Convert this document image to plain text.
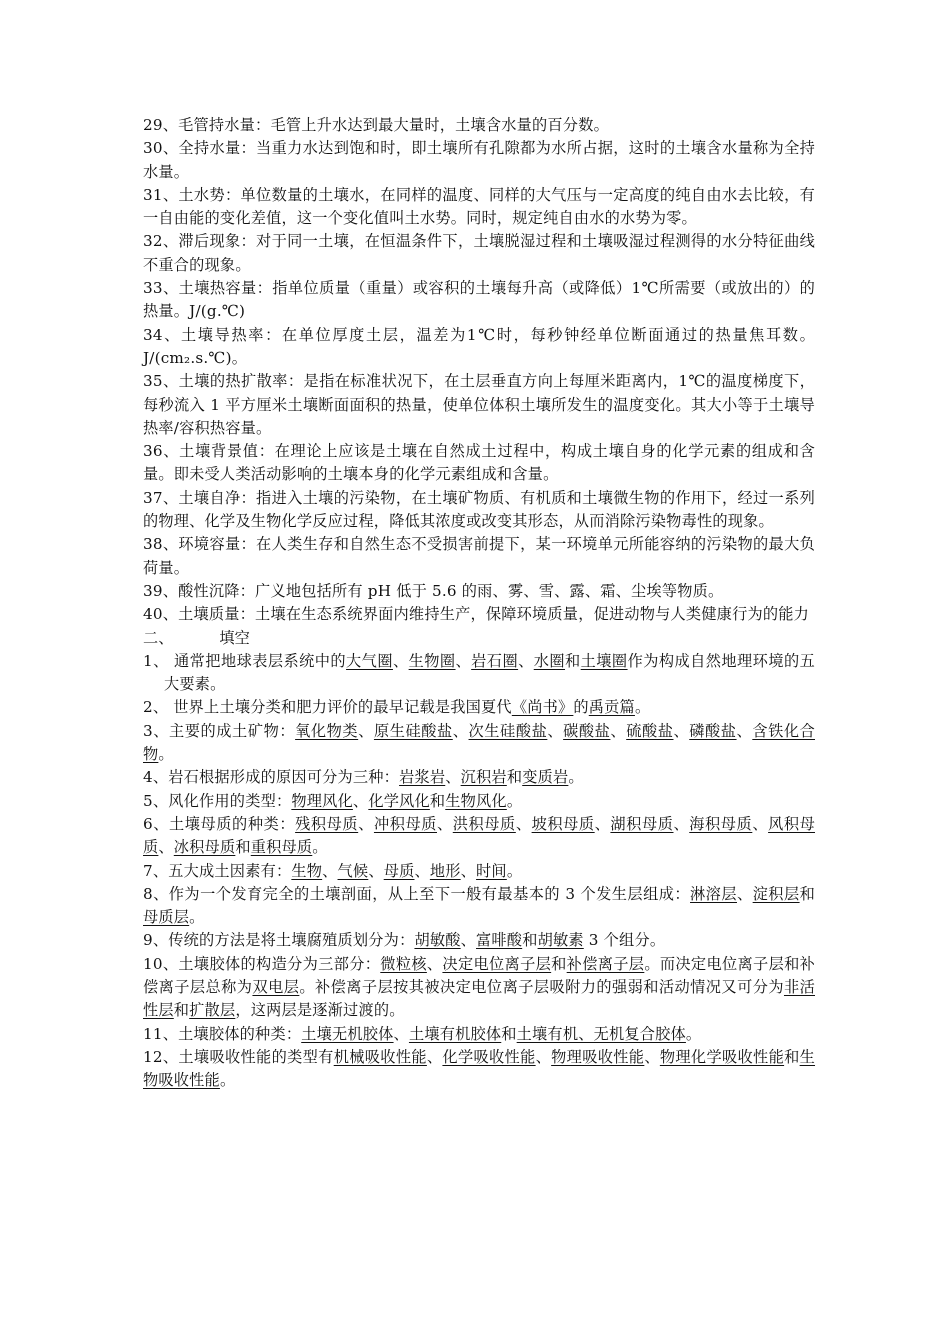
29、毛管持水量：毛管上升水达到最大量时，土壤含水量的百分数。

30、全持水量：当重力水达到饱和时，即土壤所有孔隙都为水所占据，这时的土壤含水量称为全持水量。

31、土水势：单位数量的土壤水，在同样的温度、同样的大气压与一定高度的纯自由水去比较，有一自由能的变化差值，这一个变化值叫土水势。同时，规定纯自由水的水势为零。

32、滞后现象：对于同一土壤，在恒温条件下，土壤脱湿过程和土壤吸湿过程测得的水分特征曲线不重合的现象。

33、土壤热容量：指单位质量（重量）或容积的土壤每升高（或降低）1℃所需要（或放出的）的热量。J/(g.℃)

34、土壤导热率：在单位厚度土层，温差为1℃时，每秒钟经单位断面通过的热量焦耳数。J/(cm₂.s.℃)。

35、土壤的热扩散率：是指在标准状况下，在土层垂直方向上每厘米距离内，1℃的温度梯度下，每秒流入 1 平方厘米土壤断面面积的热量，使单位体积土壤所发生的温度变化。其大小等于土壤导热率/容积热容量。

36、土壤背景值：在理论上应该是土壤在自然成土过程中，构成土壤自身的化学元素的组成和含量。即未受人类活动影响的土壤本身的化学元素组成和含量。

37、土壤自净：指进入土壤的污染物，在土壤矿物质、有机质和土壤微生物的作用下，经过一系列的物理、化学及生物化学反应过程，降低其浓度或改变其形态，从而消除污染物毒性的现象。

38、环境容量：在人类生存和自然生态不受损害前提下，某一环境单元所能容纳的污染物的最大负荷量。

39、酸性沉降：广义地包括所有 pH 低于 5.6 的雨、雾、雪、露、霜、尘埃等物质。

40、土壤质量：土壤在生态系统界面内维持生产，保障环境质量，促进动物与人类健康行为的能力

二、	填空

1、 通常把地球表层系统中的大气圈、生物圈、岩石圈、水圈和土壤圈作为构成自然地理环境的五大要素。

2、 世界上土壤分类和肥力评价的最早记载是我国夏代《尚书》的禹贡篇。

3、主要的成土矿物：氧化物类、原生硅酸盐、次生硅酸盐、碳酸盐、硫酸盐、磷酸盐、含铁化合物。

4、岩石根据形成的原因可分为三种：岩浆岩、沉积岩和变质岩。

5、风化作用的类型：物理风化、化学风化和生物风化。

6、土壤母质的种类：残积母质、冲积母质、洪积母质、坡积母质、湖积母质、海积母质、风积母质、冰积母质和重积母质。

7、五大成土因素有：生物、气候、母质、地形、时间。

8、作为一个发育完全的土壤剖面，从上至下一般有最基本的 3 个发生层组成：淋溶层、淀积层和母质层。

9、传统的方法是将土壤腐殖质划分为：胡敏酸、富啡酸和胡敏素 3 个组分。

10、土壤胶体的构造分为三部分：微粒核、决定电位离子层和补偿离子层。而决定电位离子层和补偿离子层总称为双电层。补偿离子层按其被决定电位离子层吸附力的强弱和活动情况又可分为非活性层和扩散层，这两层是逐渐过渡的。

11、土壤胶体的种类：土壤无机胶体、土壤有机胶体和土壤有机、无机复合胶体。

12、土壤吸收性能的类型有机械吸收性能、化学吸收性能、物理吸收性能、物理化学吸收性能和生物吸收性能。
